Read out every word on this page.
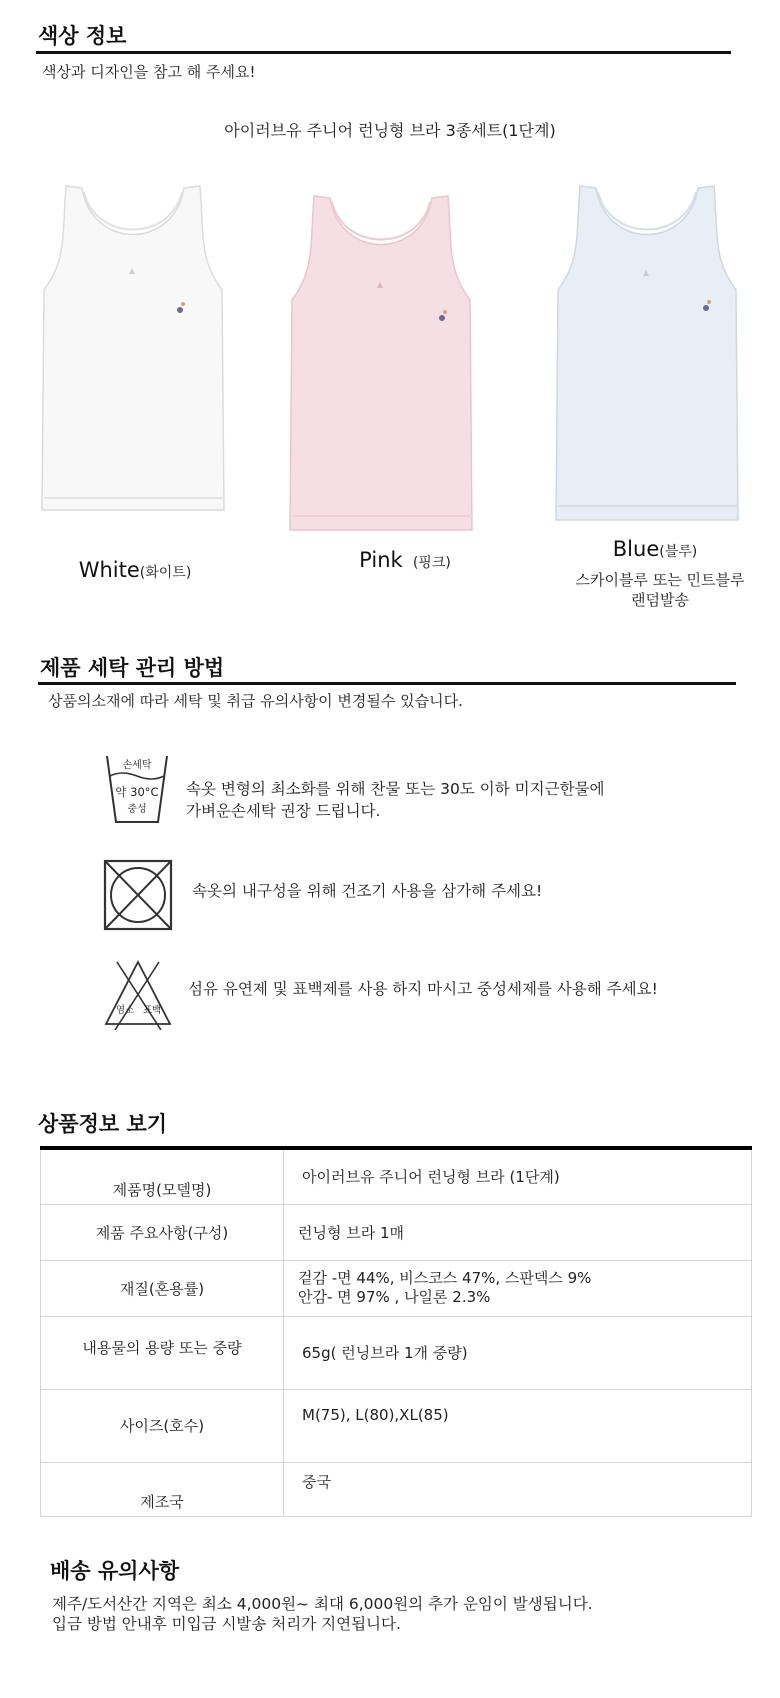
색상 정보
색상과 디자인을 참고 해 주세요!
아이러브유 주니어 런닝형 브라 3종세트(1단계)
White(화이트)
Pink (핑크)
Blue(블루)
스카이블루 또는 민트블루
랜덤발송
제품 세탁 관리 방법
상품의소재에 따라 세탁 및 취급 유의사항이 변경될수 있습니다.
손세탁
약 30°C
중성
속옷 변형의 최소화를 위해 찬물 또는 30도 이하 미지근한물에
가벼운손세탁 권장 드립니다.
속옷의 내구성을 위해 건조기 사용을 삼가해 주세요!
염소 표백
섬유 유연제 및 표백제를 사용 하지 마시고 중성세제를 사용해 주세요!
상품정보 보기
제품명(모델명)	아이러브유 주니어 런닝형 브라 (1단계)
제품 주요사항(구성)	런닝형 브라 1매
재질(혼용률)	겉감 -면 44%, 비스코스 47%, 스판덱스 9%
안감- 면 97% , 나일론 2.3%

내용물의 용량 또는 중량	65g( 런닝브라 1개 중량)
사이즈(호수)	M(75), L(80),XL(85)
제조국	중국
배송 유의사항
제주/도서산간 지역은 최소 4,000원~ 최대 6,000원의 추가 운임이 발생됩니다.
입금 방법 안내후 미입금 시발송 처리가 지연됩니다.
